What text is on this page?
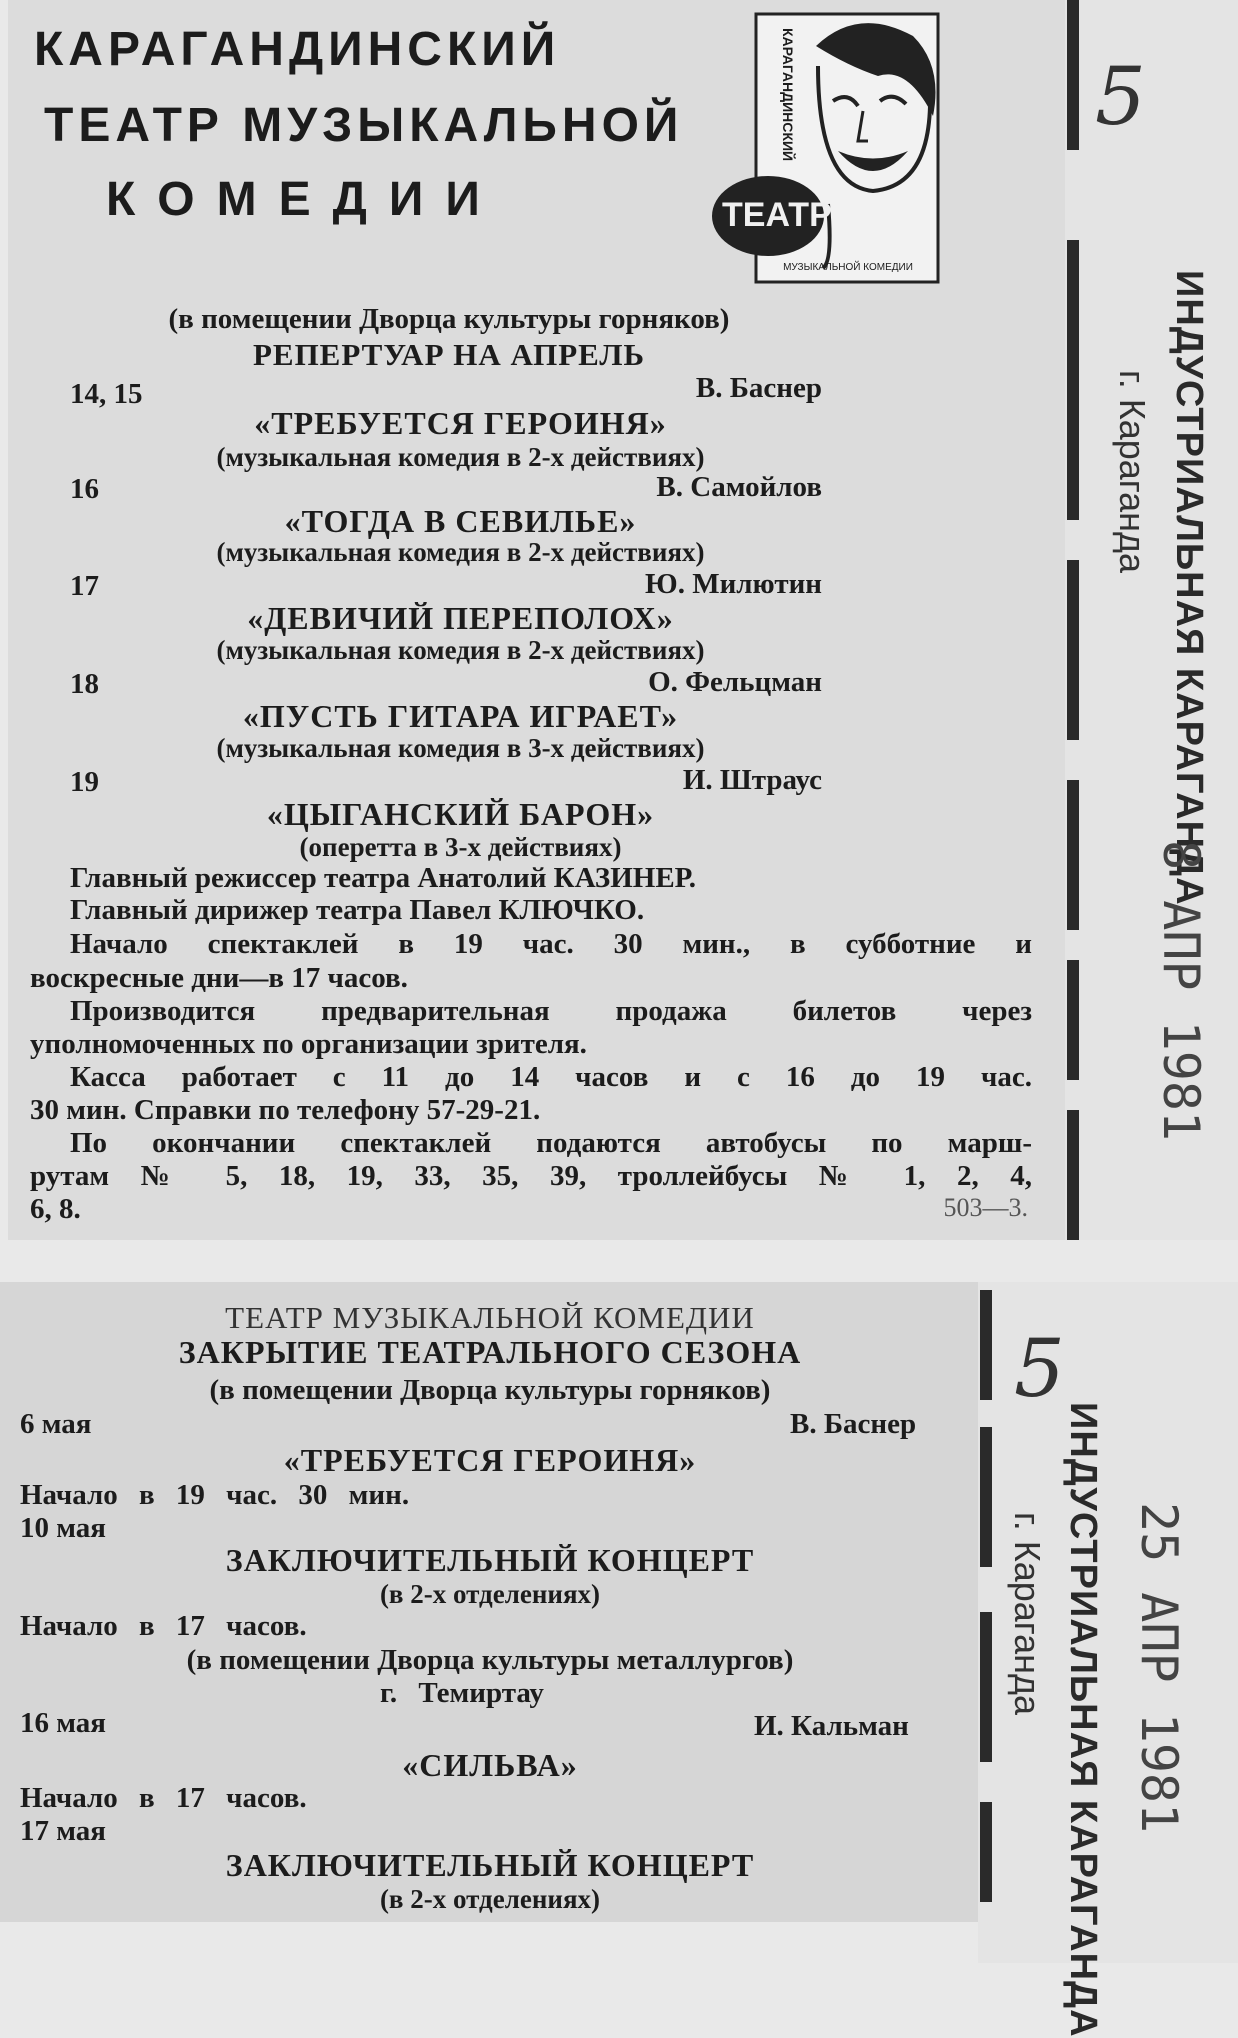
КАРАГАНДИНСКИЙ
ТЕАТР МУЗЫКАЛЬНОЙ
КОМЕДИИ
КАРАГАНДИНСКИЙ
ТЕАТР
МУЗЫКАЛЬНОЙ КОМЕДИИ
(в помещении Дворца культуры горняков)
РЕПЕРТУАР НА АПРЕЛЬ
14, 15	В. Баснер
«ТРЕБУЕТСЯ ГЕРОИНЯ»
(музыкальная комедия в 2-х действиях)
16	В. Самойлов
«ТОГДА В СЕВИЛЬЕ»
(музыкальная комедия в 2-х действиях)
17	Ю. Милютин
«ДЕВИЧИЙ ПЕРЕПОЛОХ»
(музыкальная комедия в 2-х действиях)
18	О. Фельцман
«ПУСТЬ ГИТАРА ИГРАЕТ»
(музыкальная комедия в 3-х действиях)
19	И. Штраус
«ЦЫГАНСКИЙ БАРОН»
(оперетта в 3-х действиях)
Главный режиссер театра Анатолий КАЗИНЕР.
Главный дирижер театра Павел КЛЮЧКО.
Начало спектаклей в 19 час. 30 мин., в субботние и
воскресные дни—в 17 часов.
Производится предварительная продажа билетов через
уполномоченных по организации зрителя.
Касса работает с 11 до 14 часов и с 16 до 19 час.
30 мин. Справки по телефону 57-29-21.
По окончании спектаклей подаются автобусы по марш-
рутам № 5, 18, 19, 33, 35, 39, троллейбусы № 1, 2, 4,
6, 8.	503—3.
5
ИНДУСТРИАЛЬНАЯ КАРАГАНДА
г. Караганда
8 АПР 1981
ТЕАТР МУЗЫКАЛЬНОЙ КОМЕДИИ
ЗАКРЫТИЕ ТЕАТРАЛЬНОГО СЕЗОНА
(в помещении Дворца культуры горняков)
6 мая	В. Баснер
«ТРЕБУЕТСЯ ГЕРОИНЯ»
Начало в 19 час. 30 мин.
10 мая
ЗАКЛЮЧИТЕЛЬНЫЙ КОНЦЕРТ
(в 2-х отделениях)
Начало в 17 часов.
(в помещении Дворца культуры металлургов)
г. Темиртау
16 мая	И. Кальман
«СИЛЬВА»
Начало в 17 часов.
17 мая
ЗАКЛЮЧИТЕЛЬНЫЙ КОНЦЕРТ
(в 2-х отделениях)
5
ИНДУСТРИАЛЬНАЯ КАРАГАНДА
г. Караганда 25 АПР 1981
